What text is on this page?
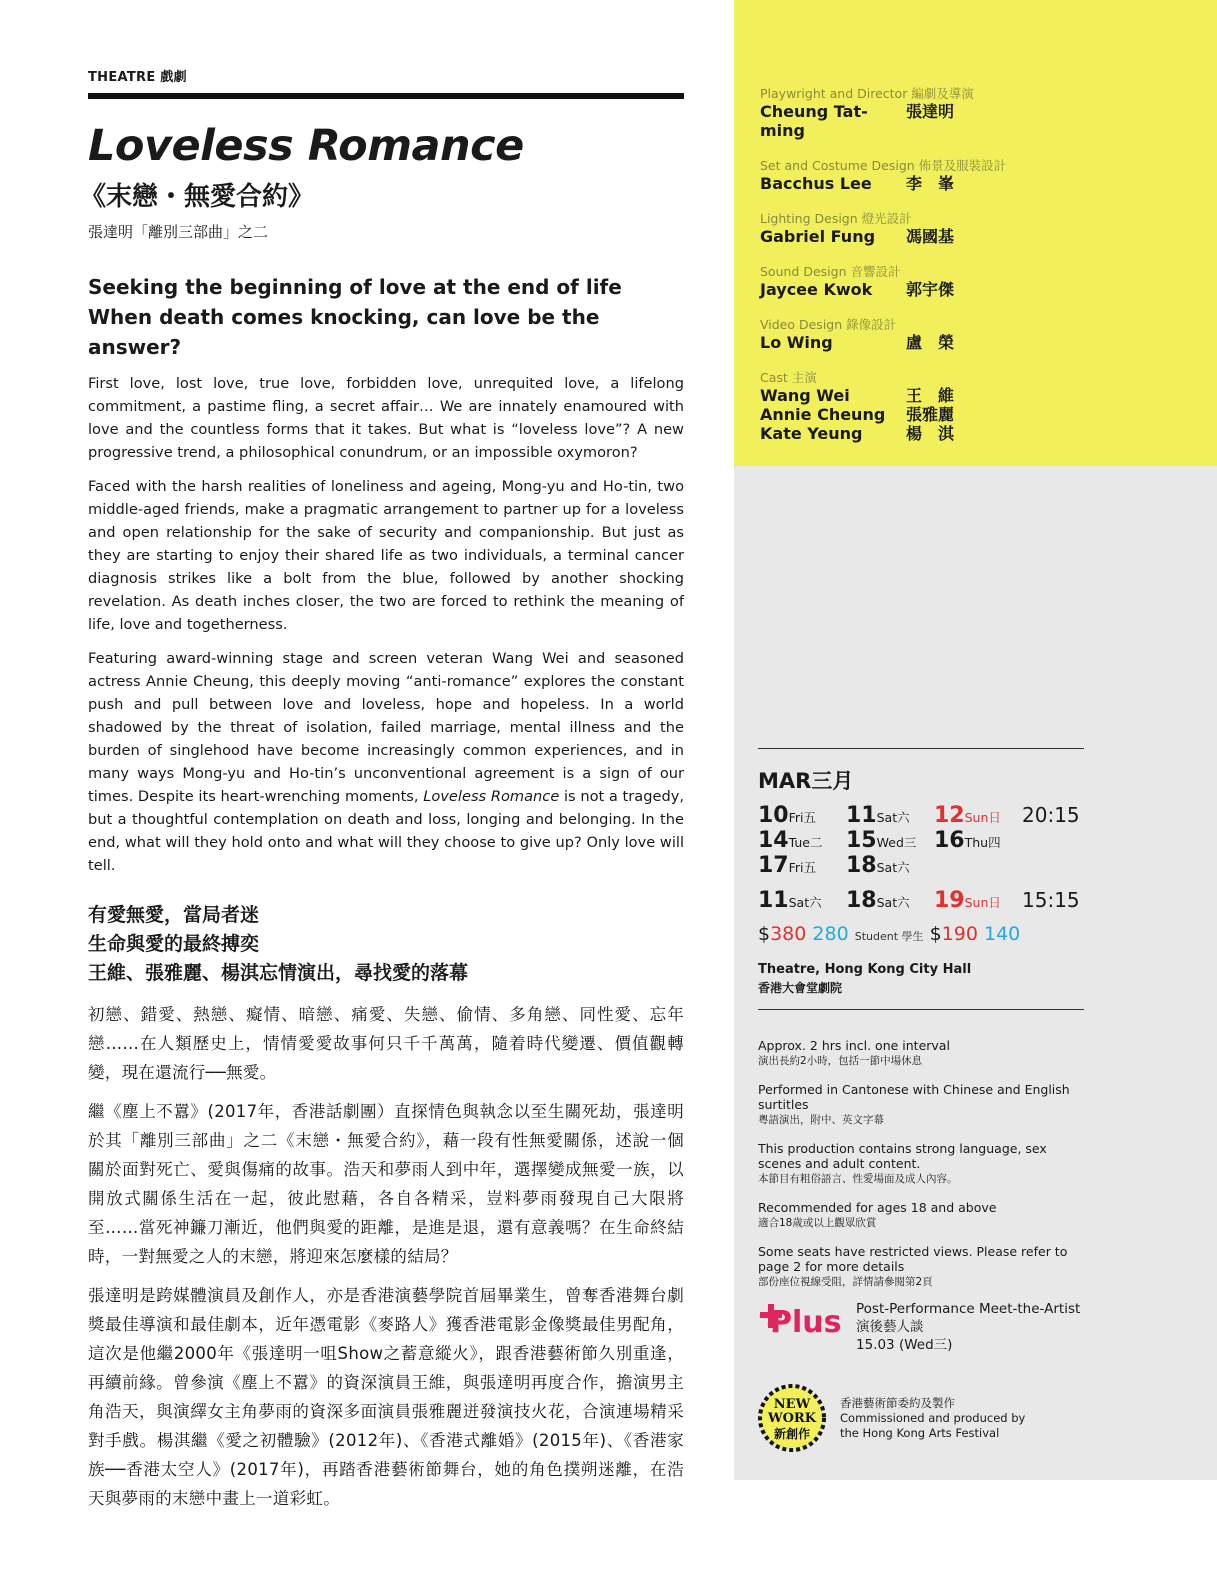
THEATRE 戲劇

Loveless Romance
《末戀・無愛合約》
張達明「離別三部曲」之二
Seeking the beginning of love at the end of life
When death comes knocking, can love be the answer?

First love, lost love, true love, forbidden love, unrequited love, a lifelong commitment, a pastime fling, a secret affair… We are innately enamoured with love and the countless forms that it takes. But what is “loveless love”? A new progressive trend, a philosophical conundrum, or an impossible oxymoron?

Faced with the harsh realities of loneliness and ageing, Mong-yu and Ho-tin, two middle-aged friends, make a pragmatic arrangement to partner up for a loveless and open relationship for the sake of security and companionship. But just as they are starting to enjoy their shared life as two individuals, a terminal cancer diagnosis strikes like a bolt from the blue, followed by another shocking revelation. As death inches closer, the two are forced to rethink the meaning of life, love and togetherness.

Featuring award-winning stage and screen veteran Wang Wei and seasoned actress Annie Cheung, this deeply moving “anti-romance” explores the constant push and pull between love and loveless, hope and hopeless. In a world shadowed by the threat of isolation, failed marriage, mental illness and the burden of singlehood have become increasingly common experiences, and in many ways Mong-yu and Ho-tin’s unconventional agreement is a sign of our times. Despite its heart-wrenching moments, Loveless Romance is not a tragedy, but a thoughtful contemplation on death and loss, longing and belonging. In the end, what will they hold onto and what will they choose to give up? Only love will tell.

有愛無愛，當局者迷
生命與愛的最終搏奕
王維、張雅麗、楊淇忘情演出，尋找愛的落幕

初戀、錯愛、熱戀、癡情、暗戀、痛愛、失戀、偷情、多角戀、同性愛、忘年戀……在人類歷史上，情情愛愛故事何只千千萬萬，隨着時代變遷、價值觀轉變，現在還流行──無愛。

繼《塵上不囂》(2017年，香港話劇團）直探情色與執念以至生關死劫，張達明於其「離別三部曲」之二《末戀・無愛合約》，藉一段有性無愛關係，述說一個關於面對死亡、愛與傷痛的故事。浩天和夢雨人到中年，選擇變成無愛一族，以開放式關係生活在一起，彼此慰藉，各自各精采，豈料夢雨發現自己大限將至……當死神鐮刀漸近，他們與愛的距離，是進是退，還有意義嗎？在生命終結時，一對無愛之人的末戀，將迎來怎麼樣的結局？

張達明是跨媒體演員及創作人，亦是香港演藝學院首屆畢業生，曾奪香港舞台劇獎最佳導演和最佳劇本，近年憑電影《麥路人》獲香港電影金像獎最佳男配角，這次是他繼2000年《張達明一咀Show之蓄意縱火》，跟香港藝術節久別重逢，再續前緣。曾參演《塵上不囂》的資深演員王維，與張達明再度合作，擔演男主角浩天，與演繹女主角夢雨的資深多面演員張雅麗迸發演技火花，合演連場精采對手戲。楊淇繼《愛之初體驗》(2012年)、《香港式離婚》(2015年)、《香港家族──香港太空人》(2017年)，再踏香港藝術節舞台，她的角色撲朔迷離，在浩天與夢雨的末戀中畫上一道彩虹。

Playwright and Director 編劇及導演
Cheung Tat-ming
張達明
Set and Costume Design 佈景及服裝設計
Bacchus Lee	李　峯
Lighting Design 燈光設計
Gabriel Fung	馮國基
Sound Design 音響設計
Jaycee Kwok	郭宇傑
Video Design 錄像設計
Lo Wing	盧　榮
Cast 主演
Wang Wei	王　維
Annie Cheung	張雅麗
Kate Yeung	楊　淇
MAR三月
10Fri五	11Sat六	12Sun日	20:15
14Tue二	15Wed三 16Thu四
17Fri五	18Sat六
11Sat六	18Sat六	19Sun日	15:15
$380 280 Student 學生 $190 140
Theatre, Hong Kong City Hall
香港大會堂劇院
Approx. 2 hrs incl. one interval
演出長約2小時，包括一節中場休息
Performed in Cantonese with Chinese and English surtitles
粵語演出，附中、英文字幕
This production contains strong language, sex scenes and adult content.
本節目有粗俗語言、性愛場面及成人內容。
Recommended for ages 18 and above
適合18歲或以上觀眾欣賞
Some seats have restricted views. Please refer to page 2 for more details
部份座位視線受阻，詳情請參閱第2頁
Plus Post-Performance Meet-the-Artist
演後藝人談
15.03 (Wed三)
NEW
WORK
新創作
香港藝術節委約及製作
Commissioned and produced by
the Hong Kong Arts Festival
